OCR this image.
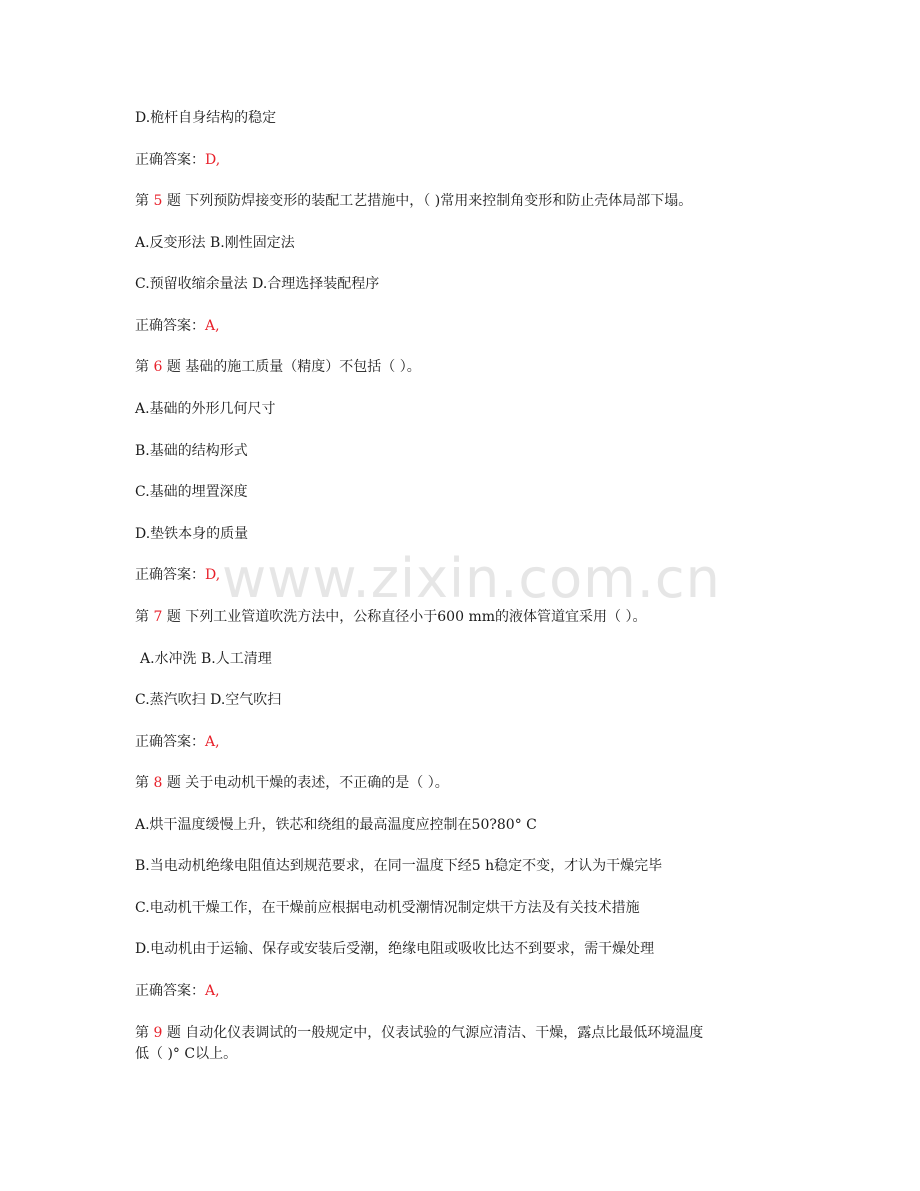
www.zixin.com.cn
D.桅杆自身结构的稳定
正确答案：D,
第 5 题 下列预防焊接变形的装配工艺措施中，（ )常用来控制角变形和防止壳体局部下塌。
A.反变形法 B.刚性固定法
C.预留收缩余量法 D.合理选择装配程序
正确答案：A,
第 6 题 基础的施工质量（精度）不包括（ ）。
A.基础的外形几何尺寸
B.基础的结构形式
C.基础的埋置深度
D.垫铁本身的质量
正确答案：D,
第 7 题 下列工业管道吹洗方法中，公称直径小于600 mm的液体管道宜采用（ ）。
A.水冲洗 B.人工清理
C.蒸汽吹扫 D.空气吹扫
正确答案：A,
第 8 题 关于电动机干燥的表述，不正确的是（ ）。
A.烘干温度缓慢上升，铁芯和绕组的最高温度应控制在50?80° C
B.当电动机绝缘电阻值达到规范要求，在同一温度下经5 h稳定不变，才认为干燥完毕
C.电动机干燥工作，在干燥前应根据电动机受潮情况制定烘干方法及有关技术措施
D.电动机由于运输、保存或安装后受潮，绝缘电阻或吸收比达不到要求，需干燥处理
正确答案：A,
第 9 题 自动化仪表调试的一般规定中，仪表试验的气源应清洁、干燥，露点比最低环境温度
低（ )° C以上。
